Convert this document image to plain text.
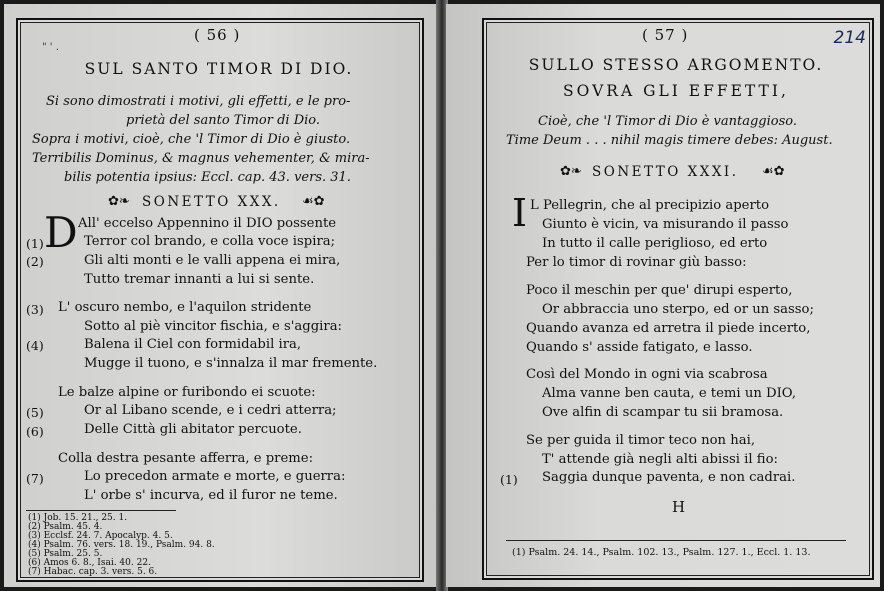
" ' .
( 56 )
SUL SANTO TIMOR DI DIO.
Si sono dimostrati i motivi, gli effetti, e le pro-
prietà del santo Timor di Dio.
Sopra i motivi, cioè, che 'l Timor di Dio è giusto.
Terribilis Dominus, & magnus vehementer, & mira-
bilis potentia ipsius: Eccl. cap. 43. vers. 31.
✿❧ SONETTO XXX. ☙✿
D All' eccelso Appennino il DIO possente
(1)	Terror col brando, e colla voce ispira;
(2)	Gli alti monti e le valli appena ei mira,
Tutto tremar innanti a lui si sente.
(3) L' oscuro nembo, e l'aquilon stridente
Sotto al piè vincitor fischia, e s'aggira:
(4)	Balena il Ciel con formidabil ira,
Mugge il tuono, e s'innalza il mar fremente.
Le balze alpine or furibondo ei scuote:
(5)	Or al Libano scende, e i cedri atterra;
(6)	Delle Città gli abitator percuote.
Colla destra pesante afferra, e preme:
(7)	Lo precedon armate e morte, e guerra:
L' orbe s' incurva, ed il furor ne teme.
(1) Job. 15. 21., 25. 1.
(2) Psalm. 45. 4.
(3) Ecclsf. 24. 7. Apocalyp. 4. 5.
(4) Psalm. 76. vers. 18. 19., Psalm. 94. 8.
(5) Psalm. 25. 5.
(6) Amos 6. 8., Isai. 40. 22.
(7) Habac. cap. 3. vers. 5. 6.
( 57 )	214
SULLO STESSO ARGOMENTO.
SOVRA GLI EFFETTI,
Cioè, che 'l Timor di Dio è vantaggioso.
Time Deum . . . nihil magis timere debes: August.
✿❧ SONETTO XXXI. ☙✿
I L Pellegrin, che al precipizio aperto
Giunto è vicin, va misurando il passo
In tutto il calle periglioso, ed erto
Per lo timor di rovinar giù basso:
Poco il meschin per que' dirupi esperto,
Or abbraccia uno sterpo, ed or un sasso;
Quando avanza ed arretra il piede incerto,
Quando s' asside fatigato, e lasso.
Così del Mondo in ogni via scabrosa
Alma vanne ben cauta, e temi un DIO,
Ove alfin di scampar tu sii bramosa.
Se per guida il timor teco non hai,
T' attende già negli alti abissi il fio:
(1) Saggia dunque paventa, e non cadrai.
H
(1) Psalm. 24. 14., Psalm. 102. 13., Psalm. 127. 1., Eccl. 1. 13.
